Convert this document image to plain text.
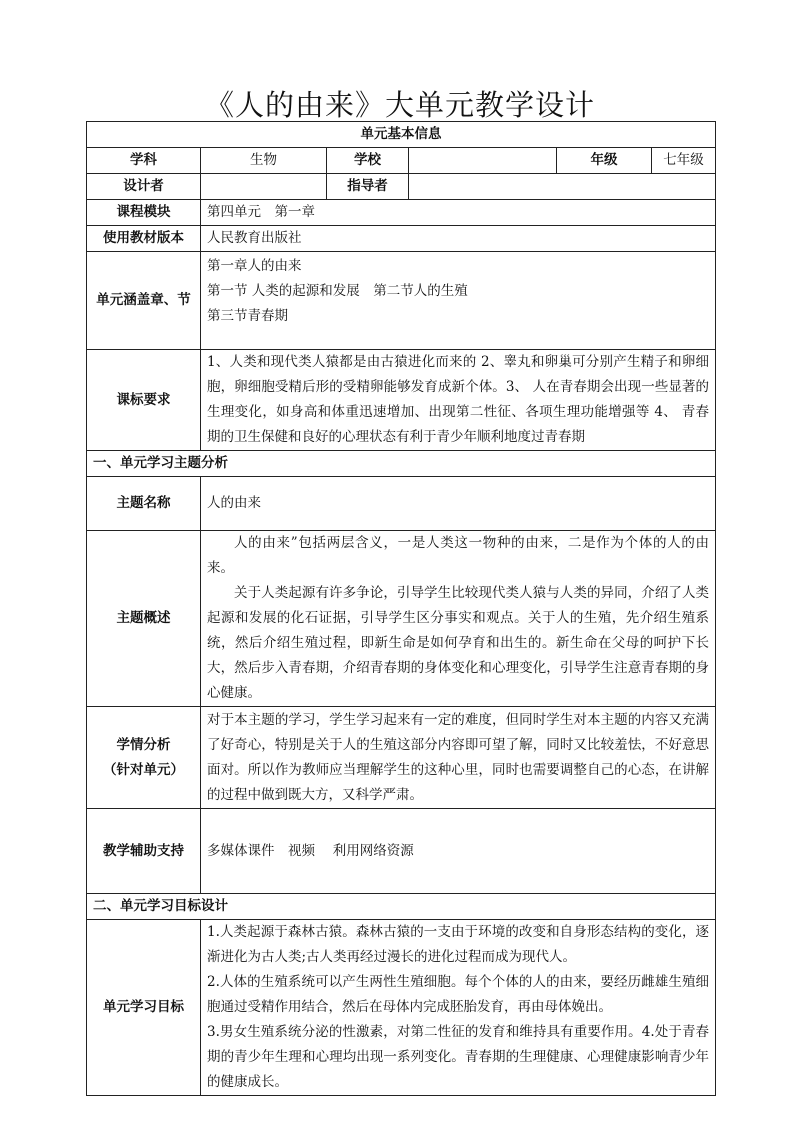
《人的由来》大单元教学设计
单元基本信息					
学科	生物	学校		年级	七年级
设计者		指导者			
课程模块	第四单元　第一章				
使用教材版本	人民教育出版社				
单元涵盖章、节	第一章人的由来
第一节 人类的起源和发展　第二节人的生殖
第三节青春期				

课标要求	1、人类和现代类人猿都是由古猿进化而来的 2、睾丸和卵巢可分别产生精子和卵细胞，卵细胞受精后形的受精卵能够发育成新个体。3、 人在青春期会出现一些显著的生理变化，如身高和体重迅速增加、出现第二性征、各项生理功能增强等 4、 青春期的卫生保健和良好的心理状态有利于青少年顺利地度过青春期				
一、单元学习主题分析					
主题名称	人的由来				
主题概述	人的由来”包括两层含义，一是人类这一物种的由来，二是作为个体的人的由来。
关于人类起源有许多争论，引导学生比较现代类人猿与人类的异同，介绍了人类起源和发展的化石证据，引导学生区分事实和观点。关于人的生殖，先介绍生殖系统，然后介绍生殖过程，即新生命是如何孕育和出生的。新生命在父母的呵护下长大，然后步入青春期，介绍青春期的身体变化和心理变化，引导学生注意青春期的身心健康。				

学情分析
（针对单元）	对于本主题的学习，学生学习起来有一定的难度，但同时学生对本主题的内容又充满了好奇心，特别是关于人的生殖这部分内容即可望了解，同时又比较羞怯，不好意思面对。所以作为教师应当理解学生的这种心里，同时也需要调整自己的心态，在讲解的过程中做到既大方，又科学严肃。				
教学辅助支持	多媒体课件　视频　 利用网络资源				
二、单元学习目标设计					
单元学习目标	1.人类起源于森林古猿。森林古猿的一支由于环境的改变和自身形态结构的变化，逐渐进化为古人类;古人类再经过漫长的进化过程而成为现代人。
2.人体的生殖系统可以产生两性生殖细胞。每个个体的人的由来，要经历雌雄生殖细胞通过受精作用结合，然后在母体内完成胚胎发育，再由母体娩出。
3.男女生殖系统分泌的性激素，对第二性征的发育和维持具有重要作用。4.处于青春期的青少年生理和心理均出现一系列变化。青春期的生理健康、心理健康影响青少年的健康成长。				
